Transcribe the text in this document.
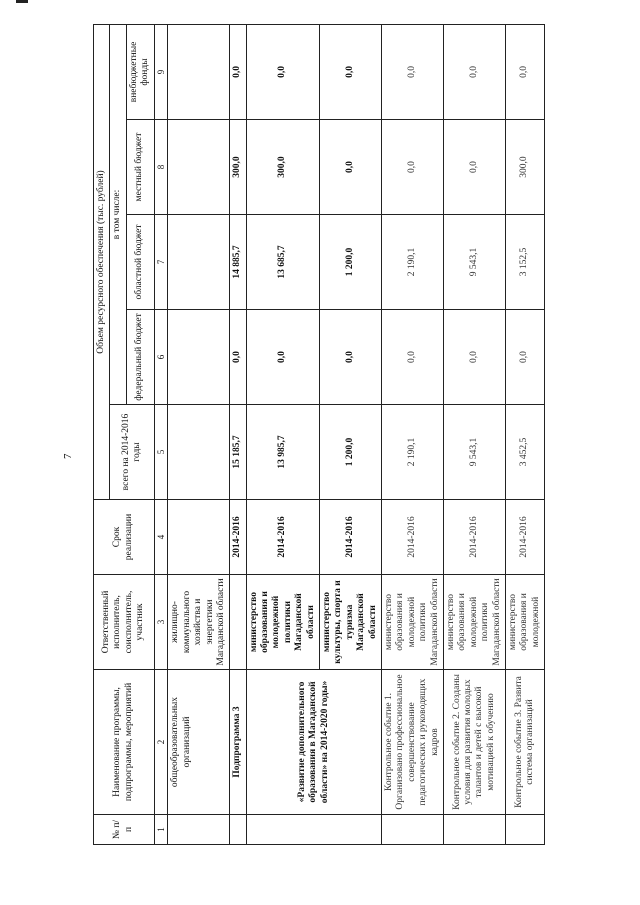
7
№ п/п	Наименование программы, подпрограммы, мероприятий	Ответственный исполнитель, соисполнитель, участник	Срок реализации	Объем ресурсного обеспечения (тыс. рублей)				
				всего на 2014-2016 годы	в том числе:			
					федеральный бюджет	областной бюджет	местный бюджет	внебюджетные фонды
1	2	3	4	5	6	7	8	9
	общеобразовательных организаций	жилищно-коммунального хозяйства и энергетики Магаданской области						
	Подпрограмма 3		2014-2016	15 185,7	0,0	14 885,7	300,0	0,0
	«Развитие дополнительного образования в Магаданской области» на 2014-2020 годы»	министерство образования и молодежной политики Магаданской области	2014-2016	13 985,7	0,0	13 685,7	300,0	0,0
		министерство культуры, спорта и туризма Магаданской области	2014-2016	1 200,0	0,0	1 200,0	0,0	0,0
	Контрольное событие 1. Организовано профессиональное совершенствование педагогических и руководящих кадров	министерство образования и молодежной политики Магаданской области	2014-2016	2 190,1	0,0	2 190,1	0,0	0,0
	Контрольное событие 2. Созданы условия для развития молодых талантов и детей с высокой мотивацией к обучению	министерство образования и молодежной политики Магаданской области	2014-2016	9 543,1	0,0	9 543,1	0,0	0,0
	Контрольное событие 3. Развита система организаций	министерство образования и молодежной	2014-2016	3 452,5	0,0	3 152,5	300,0	0,0
